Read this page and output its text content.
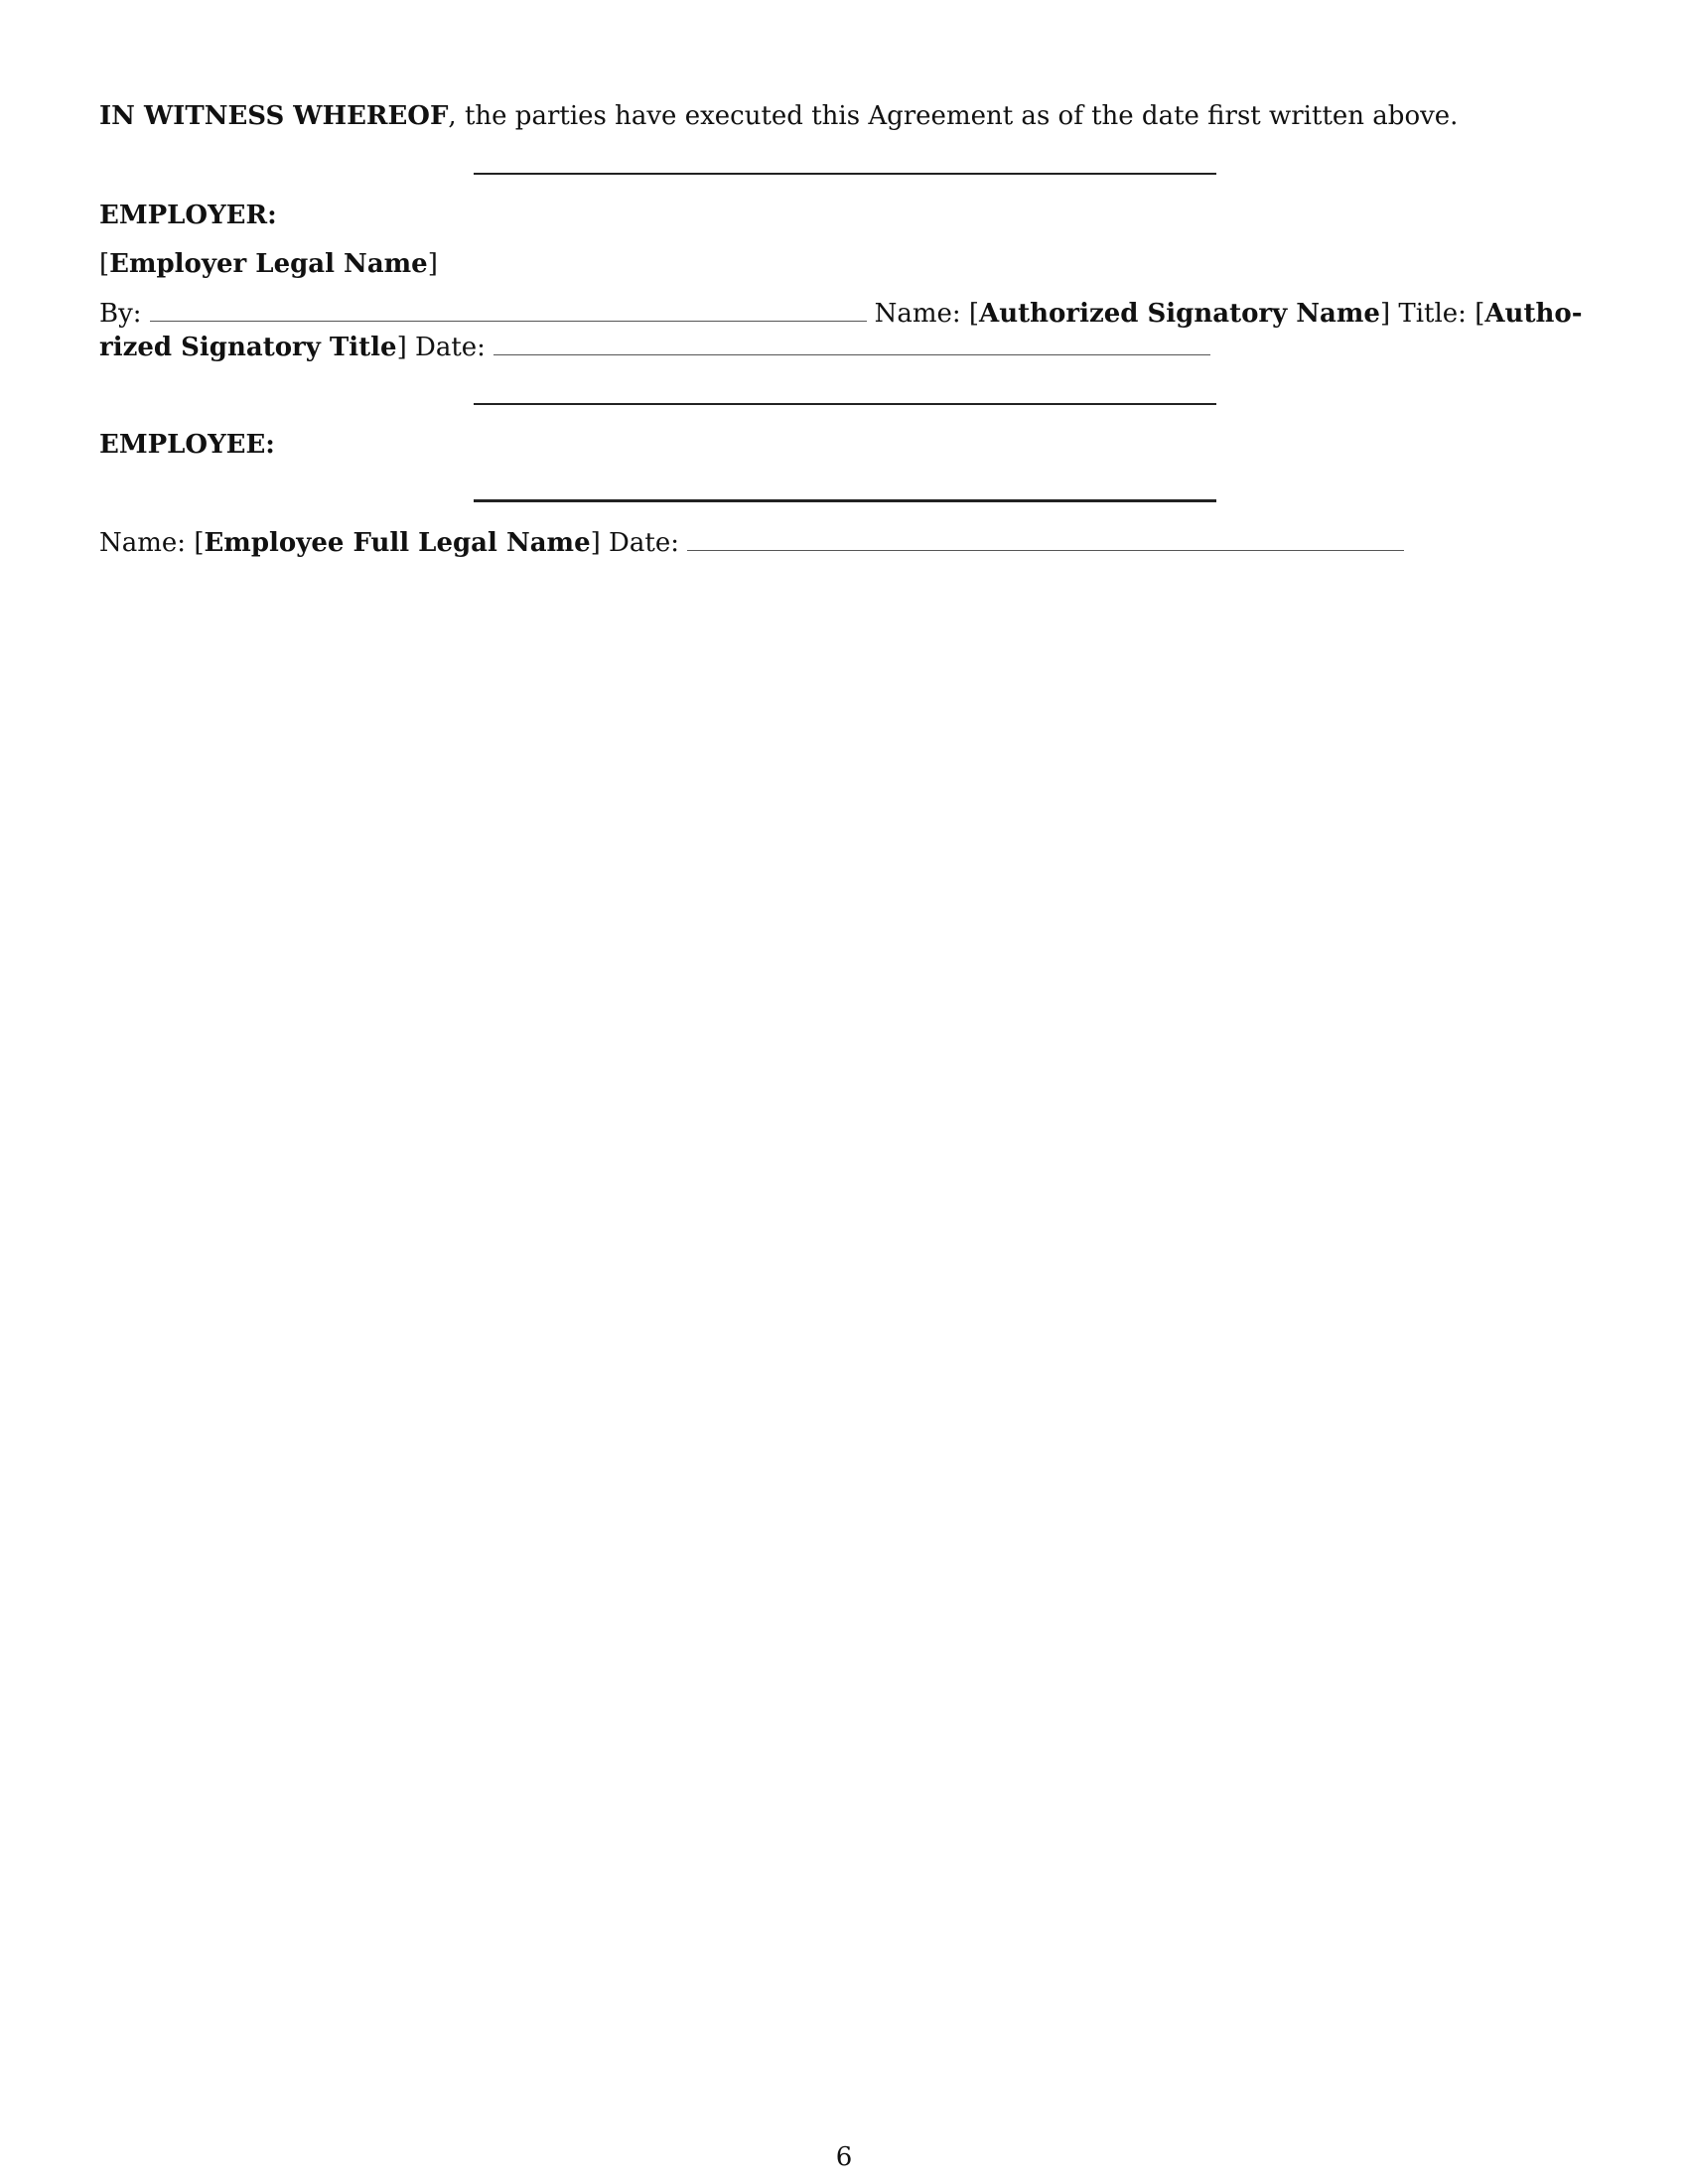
IN WITNESS WHEREOF, the parties have executed this Agreement as of the date first written above.
EMPLOYER:
[Employer Legal Name]
By:	Name: [Authorized Signatory Name] Title: [Autho-
rized Signatory Title] Date:
EMPLOYEE:
Name: [Employee Full Legal Name] Date:
6
